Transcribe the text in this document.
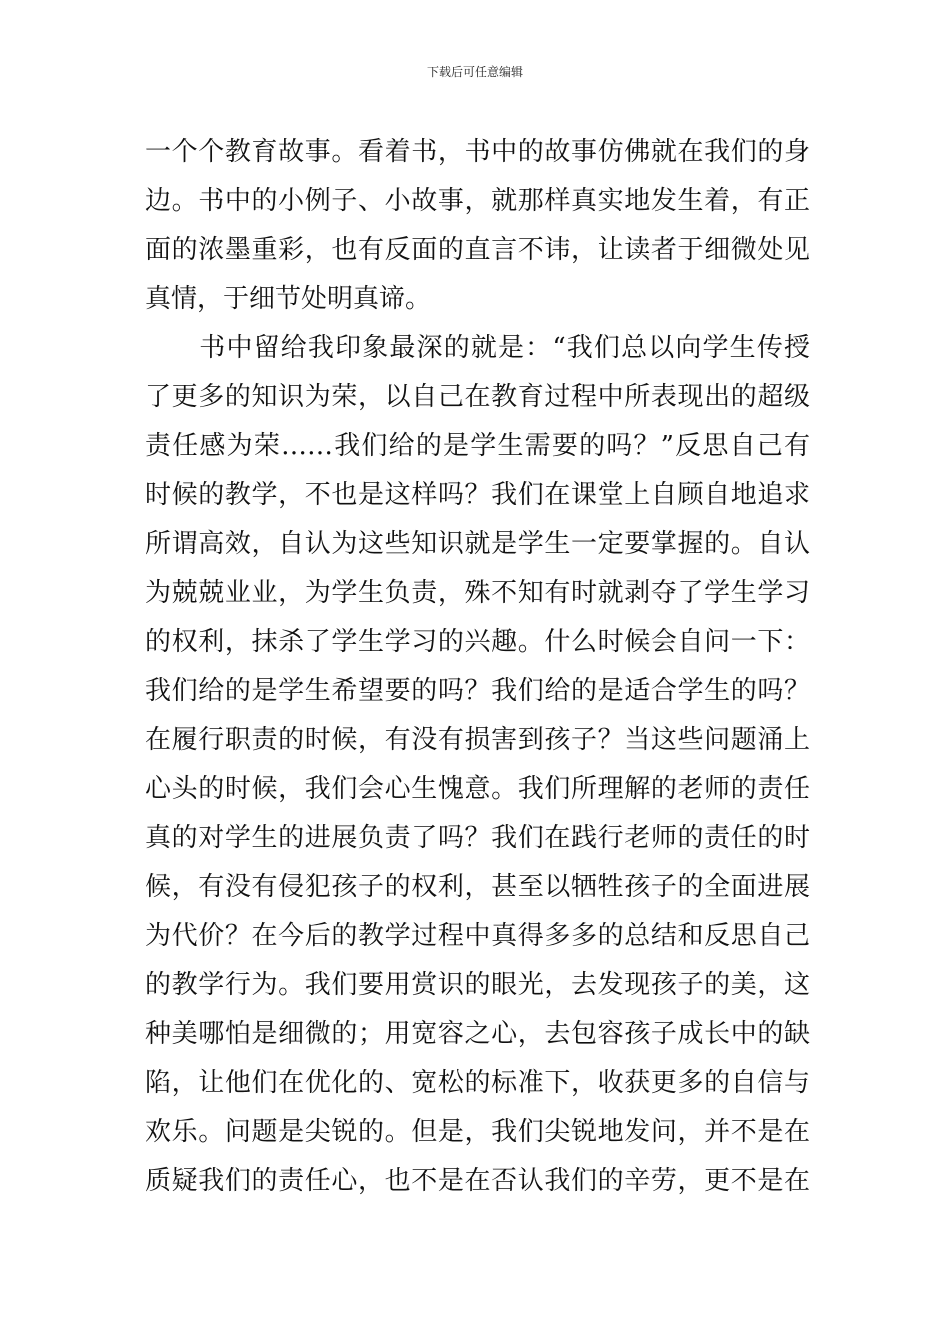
下载后可任意编辑
一个个教育故事。看着书，书中的故事仿佛就在我们的身
边。书中的小例子、小故事，就那样真实地发生着，有正
面的浓墨重彩，也有反面的直言不讳，让读者于细微处见
真情，于细节处明真谛。
　　书中留给我印象最深的就是：“我们总以向学生传授
了更多的知识为荣，以自己在教育过程中所表现出的超级
责任感为荣……我们给的是学生需要的吗？”反思自己有
时候的教学，不也是这样吗？我们在课堂上自顾自地追求
所谓高效，自认为这些知识就是学生一定要掌握的。自认
为兢兢业业，为学生负责，殊不知有时就剥夺了学生学习
的权利，抹杀了学生学习的兴趣。什么时候会自问一下：
我们给的是学生希望要的吗？我们给的是适合学生的吗？
在履行职责的时候，有没有损害到孩子？当这些问题涌上
心头的时候，我们会心生愧意。我们所理解的老师的责任
真的对学生的进展负责了吗？我们在践行老师的责任的时
候，有没有侵犯孩子的权利，甚至以牺牲孩子的全面进展
为代价？在今后的教学过程中真得多多的总结和反思自己
的教学行为。我们要用赏识的眼光，去发现孩子的美，这
种美哪怕是细微的；用宽容之心，去包容孩子成长中的缺
陷，让他们在优化的、宽松的标准下，收获更多的自信与
欢乐。问题是尖锐的。但是，我们尖锐地发问，并不是在
质疑我们的责任心，也不是在否认我们的辛劳，更不是在
